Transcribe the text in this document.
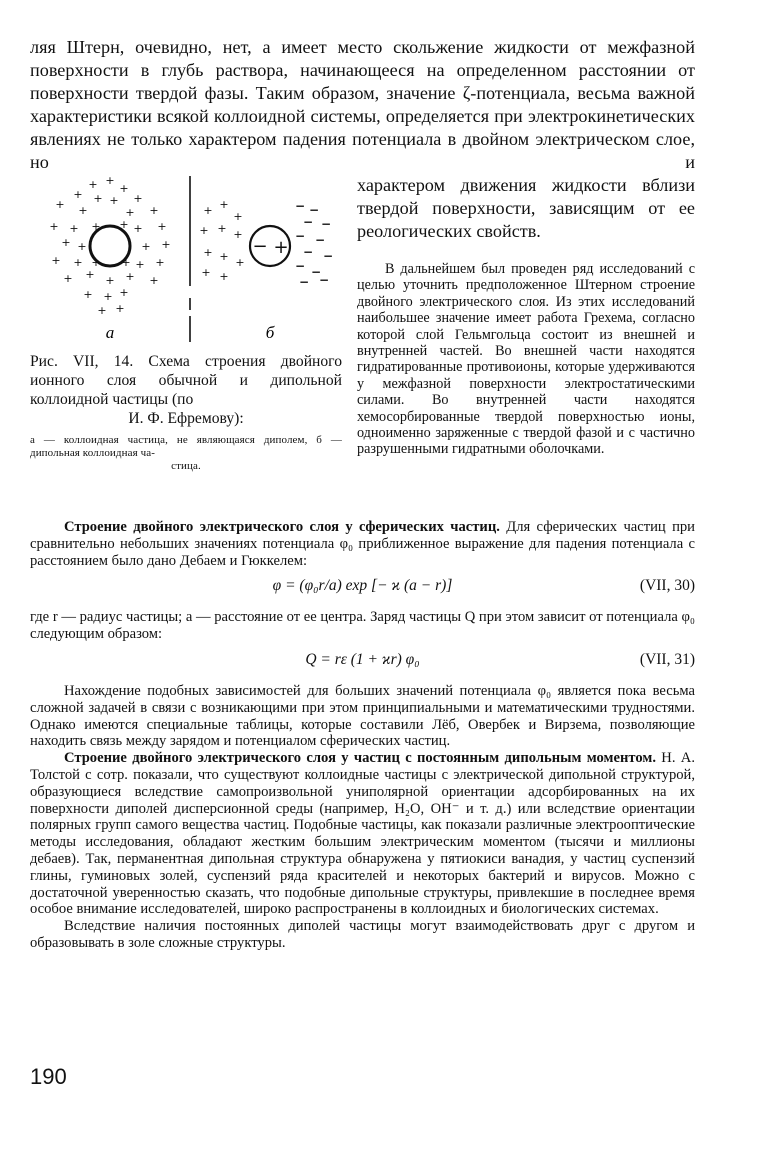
ляя Штерн, очевидно, нет, а имеет место скольжение жидкости от межфазной поверхности в глубь раствора, начинающееся на определенном расстоянии от поверхности твердой фазы. Таким образом, значение ζ-потенциала, весьма важной характеристики всякой коллоидной системы, определяется при электрокинетических явлениях не только характером падения потенциала в двойном электрическом слое, но и

+ +
+
+ + + +
+ +	+ +
+ +	+ +
+ +	+ +
+ +	+ +
+ + + + +
+ + +
+ +
+ +
+ +
− +
+ +
+
+ + +
+ + +
+ +
− −
− −
− −
− −
− −
− −
а	б

Рис. VII, 14. Схема строения двойного ионного слоя обычной и дипольной коллоидной частицы (по
И. Ф. Ефремову):

а — коллоидная частица, не являющаяся диполем, б — дипольная коллоидная ча-
стица.

характером движения жидкости вблизи твердой поверхности, зависящим от ее реологических свойств.

В дальнейшем был проведен ряд исследований с целью уточнить предположенное Штерном строение двойного электрического слоя. Из этих исследований наибольшее значение имеет работа Грехема, согласно которой слой Гельмгольца состоит из внешней и внутренней частей. Во внешней части находятся гидратированные противоионы, которые удерживаются у межфазной поверхности электростатическими силами. Во внутренней части находятся хемосорбированные твердой поверхностью ионы, одноименно заряженные с твердой фазой и с частично разрушенными гидратными оболочками.

Строение двойного электрического слоя у сферических частиц. Для сферических частиц при сравнительно небольших значениях потенциала φ₀ приближенное выражение для падения потенциала с расстоянием было дано Дебаем и Гюккелем:

φ = (φ₀r/a) exp [− ϰ (a − r)]	(VII, 30)

где r — радиус частицы; a — расстояние от ее центра. Заряд частицы Q при этом зависит от потенциала φ₀ следующим образом:

Q = rε (1 + ϰr) φ₀	(VII, 31)

Нахождение подобных зависимостей для больших значений потенциала φ₀ является пока весьма сложной задачей в связи с возникающими при этом принципиальными и математическими трудностями. Однако имеются специальные таблицы, которые составили Лёб, Овербек и Вирзема, позволяющие находить связь между зарядом и потенциалом сферических частиц.

Строение двойного электрического слоя у частиц с постоянным дипольным моментом. Н. А. Толстой с сотр. показали, что существуют коллоидные частицы с электрической дипольной структурой, образующиеся вследствие самопроизвольной униполярной ориентации адсорбированных на их поверхности диполей дисперсионной среды (например, H₂O, OH⁻ и т. д.) или вследствие ориентации полярных групп самого вещества частиц. Подобные частицы, как показали различные электрооптические методы исследования, обладают жестким большим электрическим моментом (тысячи и миллионы дебаев). Так, перманентная дипольная структура обнаружена у пятиокиси ванадия, у частиц суспензий глины, гуминовых золей, суспензий ряда красителей и некоторых бактерий и вирусов. Можно с достаточной уверенностью сказать, что подобные дипольные структуры, привлекшие в последнее время особое внимание исследователей, широко распространены в коллоидных и биологических системах.

Вследствие наличия постоянных диполей частицы могут взаимодействовать друг с другом и образовывать в золе сложные структуры.

190
